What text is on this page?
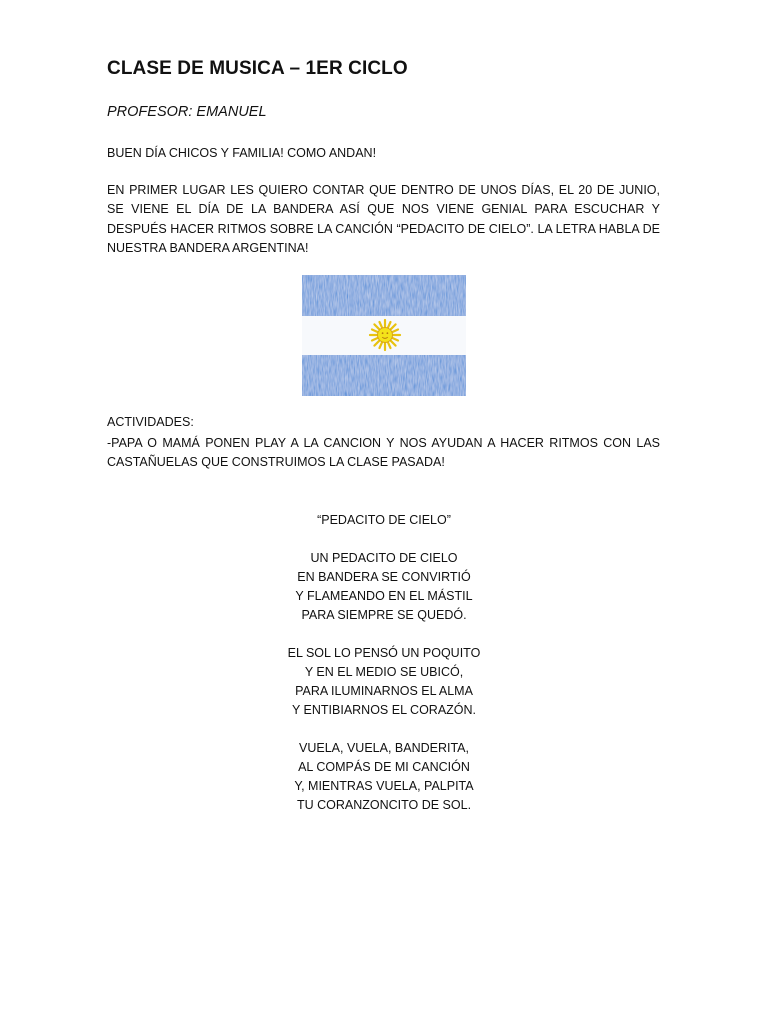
CLASE DE MUSICA – 1ER CICLO

PROFESOR: EMANUEL

BUEN DÍA CHICOS Y FAMILIA! COMO ANDAN!

EN PRIMER LUGAR LES QUIERO CONTAR QUE DENTRO DE UNOS DÍAS, EL 20 DE JUNIO, SE VIENE EL DÍA DE LA BANDERA ASÍ QUE NOS VIENE GENIAL PARA ESCUCHAR Y DESPUÉS HACER RITMOS SOBRE LA CANCIÓN “PEDACITO DE CIELO”. LA LETRA HABLA DE NUESTRA BANDERA ARGENTINA!

ACTIVIDADES:

-PAPA O MAMÁ PONEN PLAY A LA CANCION Y NOS AYUDAN A HACER RITMOS CON LAS CASTAÑUELAS QUE CONSTRUIMOS LA CLASE PASADA!

“PEDACITO DE CIELO”

UN PEDACITO DE CIELO
EN BANDERA SE CONVIRTIÓ
Y FLAMEANDO EN EL MÁSTIL
PARA SIEMPRE SE QUEDÓ.

EL SOL LO PENSÓ UN POQUITO
Y EN EL MEDIO SE UBICÓ,
PARA ILUMINARNOS EL ALMA
Y ENTIBIARNOS EL CORAZÓN.

VUELA, VUELA, BANDERITA,
AL COMPÁS DE MI CANCIÓN
Y, MIENTRAS VUELA, PALPITA
TU CORANZONCITO DE SOL.
